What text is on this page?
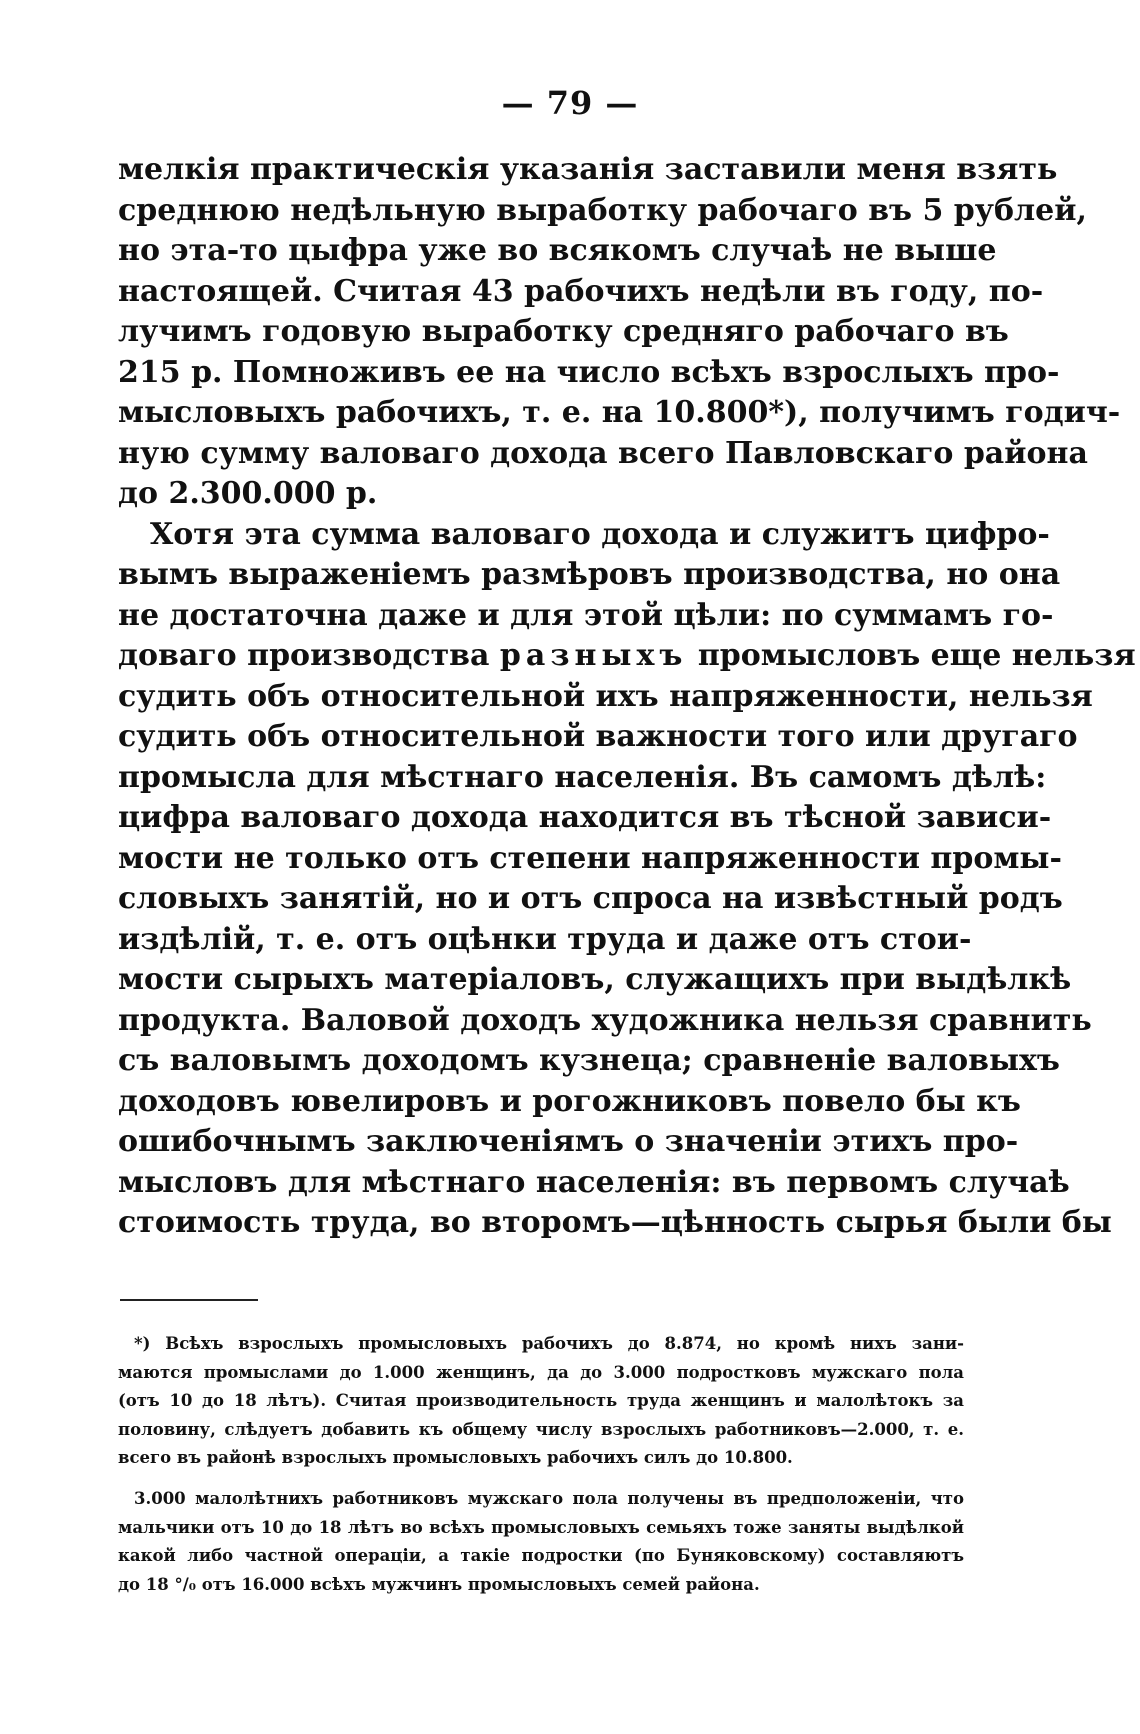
— 79 —
мелкія практическія указанія заставили меня взять
среднюю недѣльную выработку рабочаго въ 5 рублей,
но эта-то цыфра уже во всякомъ случаѣ не выше
настоящей. Считая 43 рабочихъ недѣли въ году, по-
лучимъ годовую выработку средняго рабочаго въ
215 р. Помноживъ ее на число всѣхъ взрослыхъ про-
мысловыхъ рабочихъ, т. е. на 10.800*), получимъ годич-
ную сумму валоваго дохода всего Павловскаго района
до 2.300.000 р.
Хотя эта сумма валоваго дохода и служитъ цифро-
вымъ выраженіемъ размѣровъ производства, но она
не достаточна даже и для этой цѣли: по суммамъ го-
доваго производства разныхъ промысловъ еще нельзя
судить объ относительной ихъ напряженности, нельзя
судить объ относительной важности того или другаго
промысла для мѣстнаго населенія. Въ самомъ дѣлѣ:
цифра валоваго дохода находится въ тѣсной зависи-
мости не только отъ степени напряженности промы-
словыхъ занятій, но и отъ спроса на извѣстный родъ
издѣлій, т. е. отъ оцѣнки труда и даже отъ стои-
мости сырыхъ матеріаловъ, служащихъ при выдѣлкѣ
продукта. Валовой доходъ художника нельзя сравнить
съ валовымъ доходомъ кузнеца; сравненіе валовыхъ
доходовъ ювелировъ и рогожниковъ повело бы къ
ошибочнымъ заключеніямъ о значеніи этихъ про-
мысловъ для мѣстнаго населенія: въ первомъ случаѣ
стоимость труда, во второмъ—цѣнность сырья были бы
*) Всѣхъ взрослыхъ промысловыхъ рабочихъ до 8.874, но кромѣ нихъ зани-
маются промыслами до 1.000 женщинъ, да до 3.000 подростковъ мужскаго пола
(отъ 10 до 18 лѣтъ). Считая производительность труда женщинъ и малолѣтокъ за
половину, слѣдуетъ добавить къ общему числу взрослыхъ работниковъ—2.000, т. е.
всего въ районѣ взрослыхъ промысловыхъ рабочихъ силъ до 10.800.
3.000 малолѣтнихъ работниковъ мужскаго пола получены въ предположеніи, что
мальчики отъ 10 до 18 лѣтъ во всѣхъ промысловыхъ семьяхъ тоже заняты выдѣлкой
какой либо частной операціи, а такіе подростки (по Буняковскому) составляютъ
до 18 °/₀ отъ 16.000 всѣхъ мужчинъ промысловыхъ семей района.
